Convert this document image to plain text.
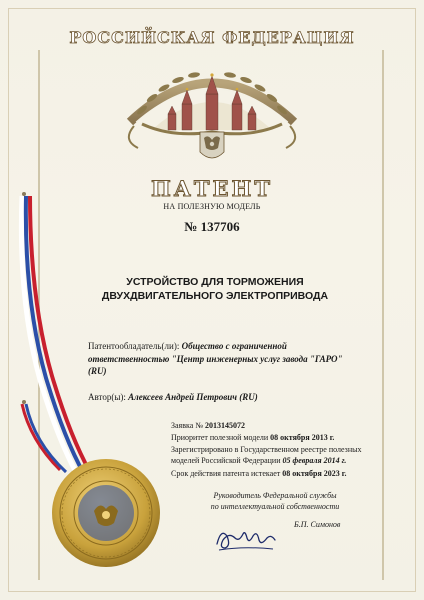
РОССИЙСКАЯ ФЕДЕРАЦИЯ
ПАТЕНТ
НА ПОЛЕЗНУЮ МОДЕЛЬ
№ 137706
УСТРОЙСТВО ДЛЯ ТОРМОЖЕНИЯ
ДВУХДВИГАТЕЛЬНОГО ЭЛЕКТРОПРИВОДА
Патентообладатель(ли): Общество с ограниченной
ответственностью "Центр инженерных услуг завода "ГАРО"
(RU)
Автор(ы): Алексеев Андрей Петрович (RU)
Заявка № 2013145072
Приоритет полезной модели 08 октября 2013 г.
Зарегистрировано в Государственном реестре полезных
моделей Российской Федерации 05 февраля 2014 г.
Срок действия патента истекает 08 октября 2023 г.
Руководитель Федеральной службы
по интеллектуальной собственности
Б.П. Симонов
